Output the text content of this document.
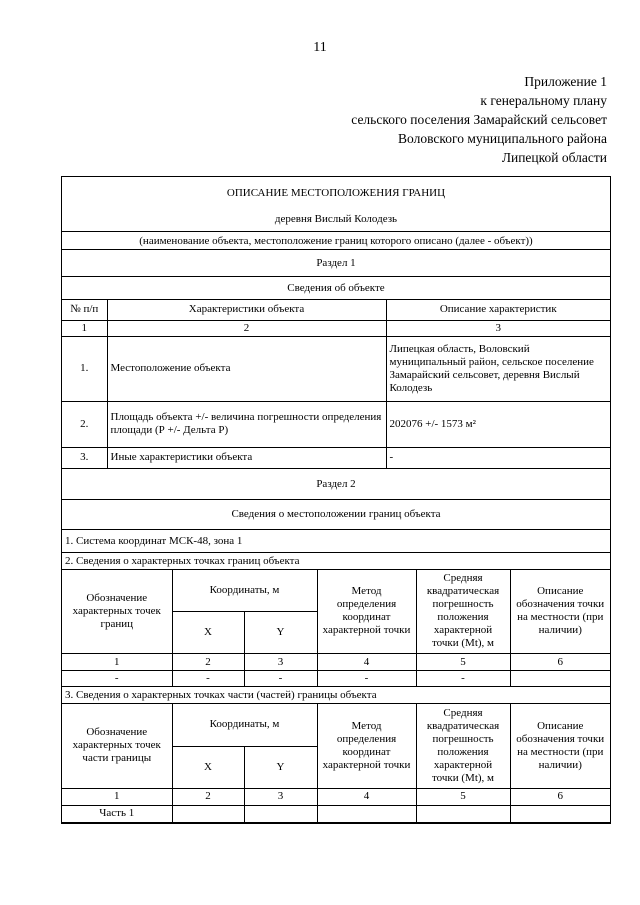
11
Приложение 1
к генеральному плану
сельского поселения Замарайский сельсовет
Воловского муниципального района
Липецкой области
ОПИСАНИЕ МЕСТОПОЛОЖЕНИЯ ГРАНИЦ
деревня Вислый Колодезь
(наименование объекта, местоположение границ которого описано (далее - объект))
Раздел 1
Сведения об объекте
№ п/п	Характеристики объекта	Описание характеристик
1	2	3
1.	Местоположение объекта	Липецкая область, Воловский муниципальный район, сельское поселение Замарайский сельсовет, деревня Вислый Колодезь
2.	Площадь объекта +/- величина погрешности определения площади (Р +/- Дельта Р)	202076 +/- 1573 м²
3.	Иные характеристики объекта	-
Раздел 2
Сведения о местоположении границ объекта
1. Система координат МСК-48, зона 1
2. Сведения о характерных точках границ объекта
Обозначение характерных точек границ	Координаты, м		Метод определения координат характерной точки	Средняя квадратическая погрешность положения характерной точки (Mt), м	Описание обозначения точки на местности (при наличии)
	X	Y			
1	2	3	4	5	6
-	-	-	-	-	
3. Сведения о характерных точках части (частей) границы объекта
Обозначение характерных точек части границы	Координаты, м		Метод определения координат характерной точки	Средняя квадратическая погрешность положения характерной точки (Mt), м	Описание обозначения точки на местности (при наличии)
	X	Y			
1	2	3	4	5	6
Часть 1					
